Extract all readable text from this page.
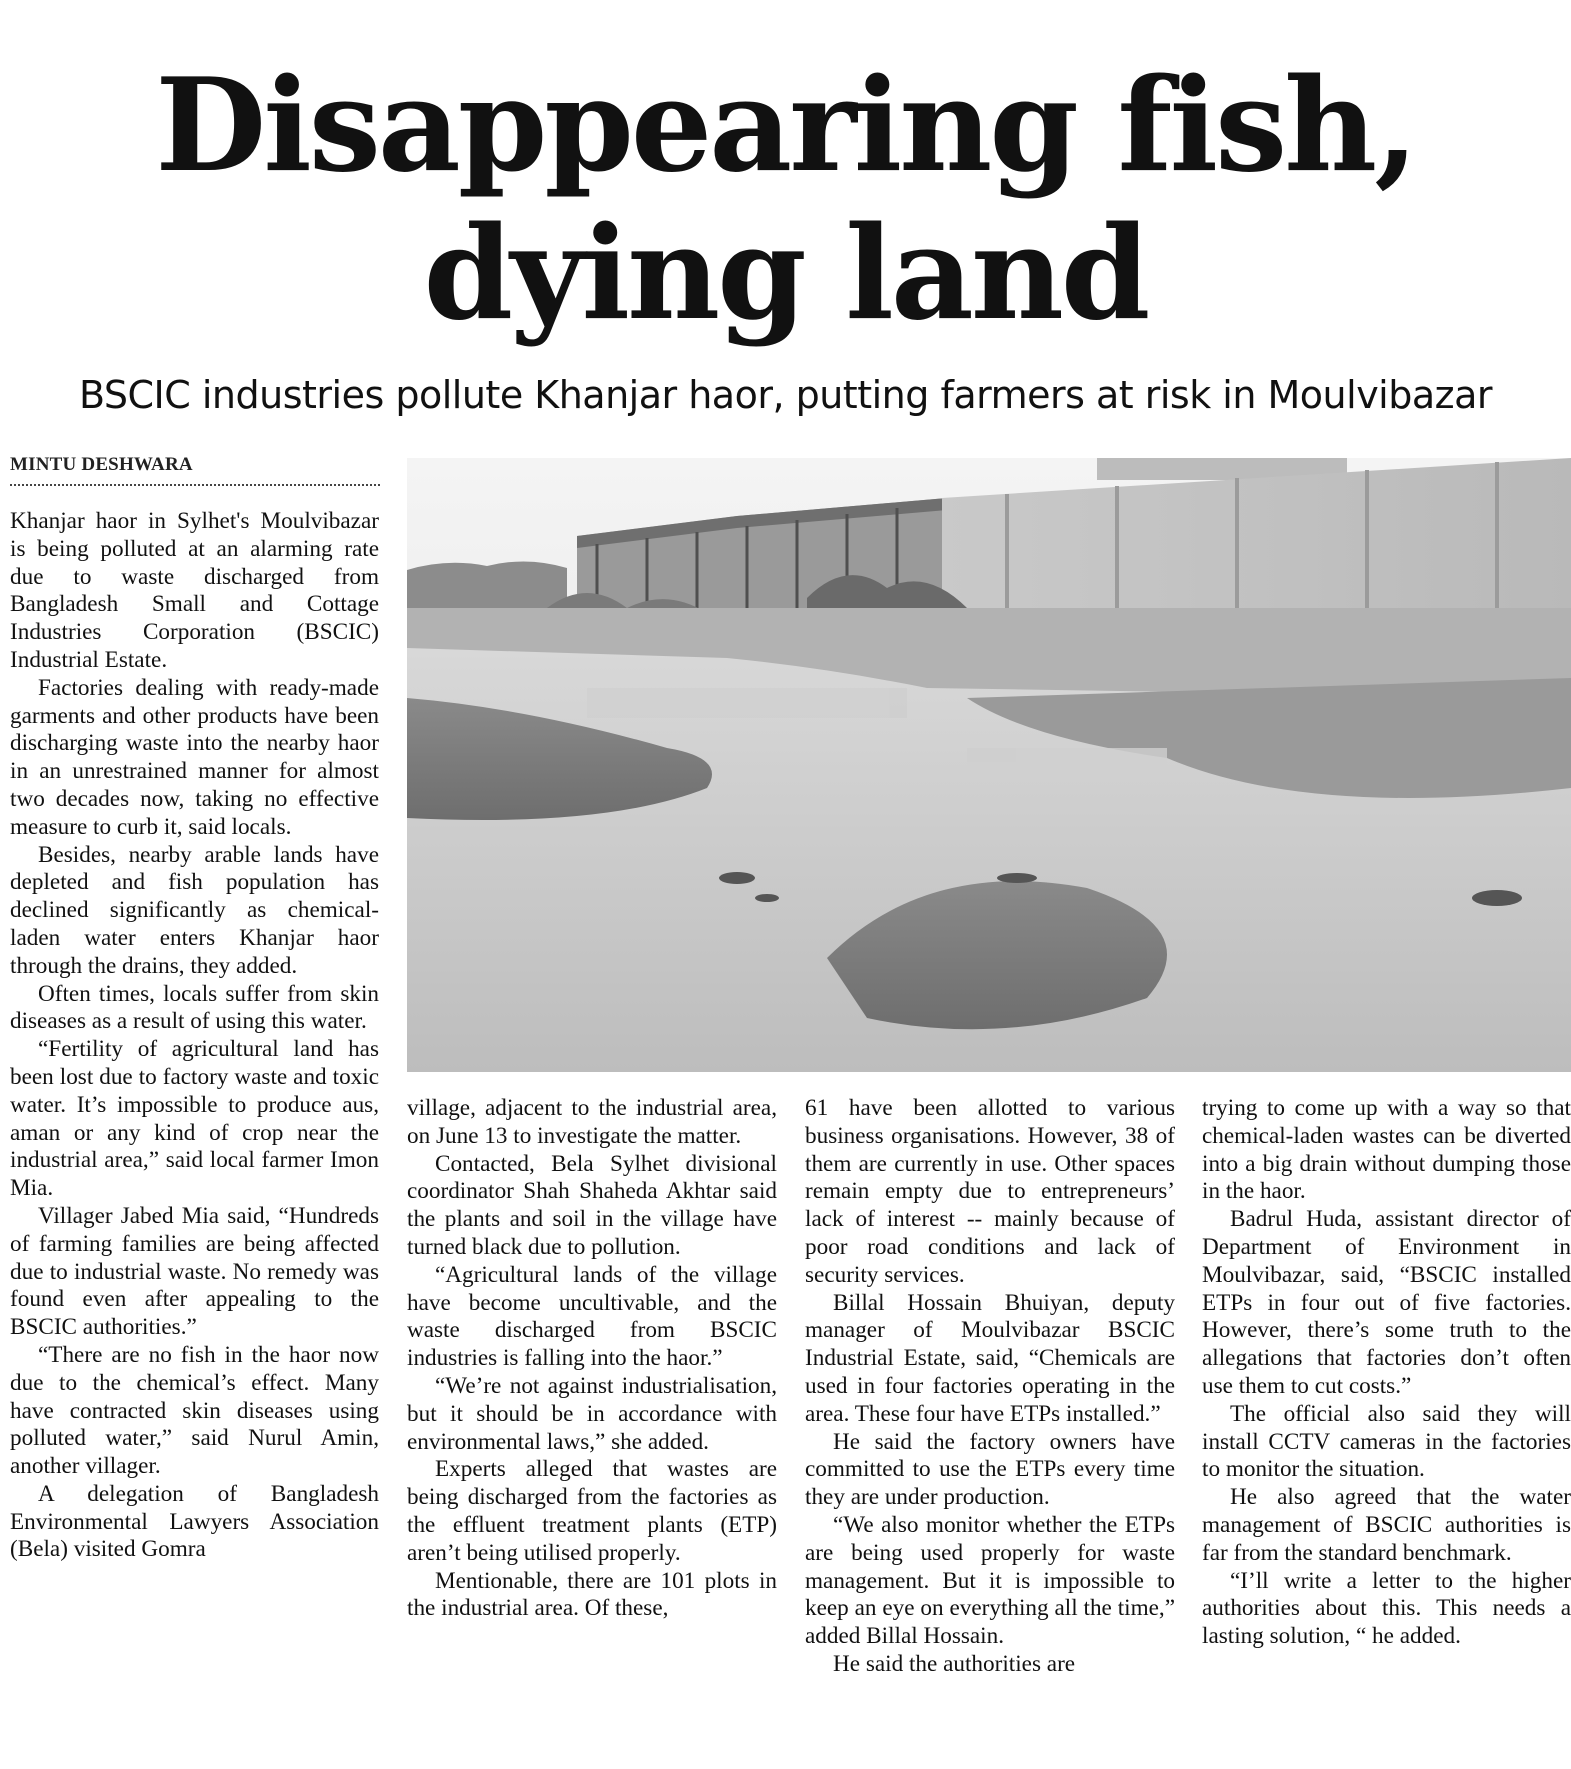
Disappearing fish,
dying land
BSCIC industries pollute Khanjar haor, putting farmers at risk in Moulvibazar
MINTU DESHWARA

Khanjar haor in Sylhet's Moulvibazar is being polluted at an alarming rate due to waste discharged from Bangladesh Small and Cottage Industries Corporation (BSCIC) Industrial Estate.

Factories dealing with ready-made garments and other products have been discharging waste into the nearby haor in an unrestrained manner for almost two decades now, taking no effective measure to curb it, said locals.

Besides, nearby arable lands have depleted and fish population has declined significantly as chemical-laden water enters Khanjar haor through the drains, they added.

Often times, locals suffer from skin diseases as a result of using this water.

“Fertility of agricultural land has been lost due to factory waste and toxic water. It’s impossible to produce aus, aman or any kind of crop near the industrial area,” said local farmer Imon Mia.

Villager Jabed Mia said, “Hundreds of farming families are being affected due to industrial waste. No remedy was found even after appealing to the BSCIC authorities.”

“There are no fish in the haor now due to the chemical’s effect. Many have contracted skin diseases using polluted water,” said Nurul Amin, another villager.

A delegation of Bangladesh Environmental Lawyers Association (Bela) visited Gomra

village, adjacent to the industrial area, on June 13 to investigate the matter.

Contacted, Bela Sylhet divisional coordinator Shah Shaheda Akhtar said the plants and soil in the village have turned black due to pollution.

“Agricultural lands of the village have become uncultivable, and the waste discharged from BSCIC industries is falling into the haor.”

“We’re not against industrialisation, but it should be in accordance with environmental laws,” she added.

Experts alleged that wastes are being discharged from the factories as the effluent treatment plants (ETP) aren’t being utilised properly.

Mentionable, there are 101 plots in the industrial area. Of these,

61 have been allotted to various business organisations. However, 38 of them are currently in use. Other spaces remain empty due to entrepreneurs’ lack of interest -- mainly because of poor road conditions and lack of security services.

Billal Hossain Bhuiyan, deputy manager of Moulvibazar BSCIC Industrial Estate, said, “Chemicals are used in four factories operating in the area. These four have ETPs installed.”

He said the factory owners have committed to use the ETPs every time they are under production.

“We also monitor whether the ETPs are being used properly for waste management. But it is impossible to keep an eye on everything all the time,” added Billal Hossain.

He said the authorities are

trying to come up with a way so that chemical-laden wastes can be diverted into a big drain without dumping those in the haor.

Badrul Huda, assistant director of Department of Environment in Moulvibazar, said, “BSCIC installed ETPs in four out of five factories. However, there’s some truth to the allegations that factories don’t often use them to cut costs.”

The official also said they will install CCTV cameras in the factories to monitor the situation.

He also agreed that the water management of BSCIC authorities is far from the standard benchmark.

“I’ll write a letter to the higher authorities about this. This needs a lasting solution, “ he added.
